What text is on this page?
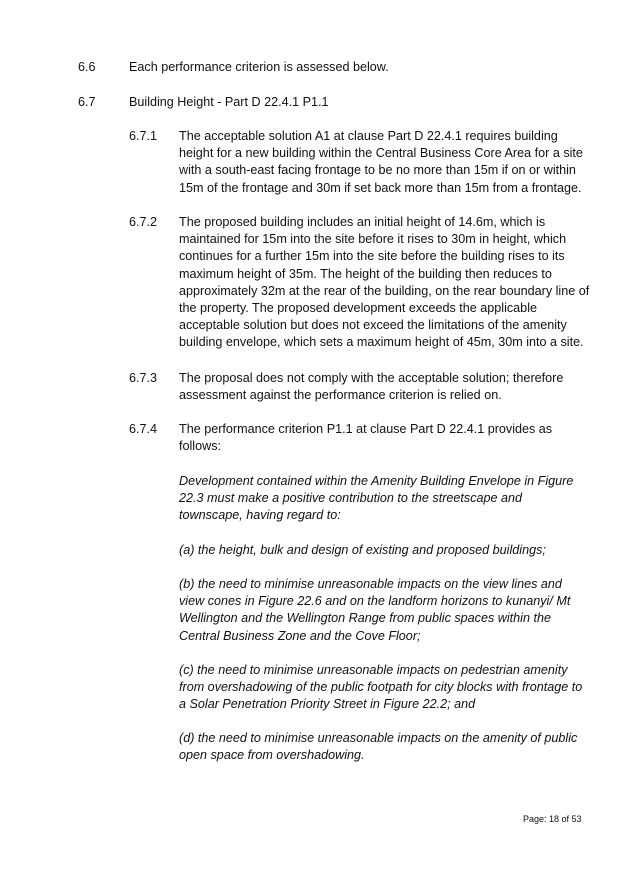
6.6	Each performance criterion is assessed below.
6.7	Building Height - Part D 22.4.1 P1.1
6.7.1 The acceptable solution A1 at clause Part D 22.4.1 requires building
height for a new building within the Central Business Core Area for a site
with a south-east facing frontage to be no more than 15m if on or within
15m of the frontage and 30m if set back more than 15m from a frontage.
6.7.2 The proposed building includes an initial height of 14.6m, which is
maintained for 15m into the site before it rises to 30m in height, which
continues for a further 15m into the site before the building rises to its
maximum height of 35m. The height of the building then reduces to
approximately 32m at the rear of the building, on the rear boundary line of
the property. The proposed development exceeds the applicable
acceptable solution but does not exceed the limitations of the amenity
building envelope, which sets a maximum height of 45m, 30m into a site.
6.7.3 The proposal does not comply with the acceptable solution; therefore
assessment against the performance criterion is relied on.
6.7.4 The performance criterion P1.1 at clause Part D 22.4.1 provides as
follows:
Development contained within the Amenity Building Envelope in Figure
22.3 must make a positive contribution to the streetscape and
townscape, having regard to:
(a) the height, bulk and design of existing and proposed buildings;
(b) the need to minimise unreasonable impacts on the view lines and
view cones in Figure 22.6 and on the landform horizons to kunanyi/ Mt
Wellington and the Wellington Range from public spaces within the
Central Business Zone and the Cove Floor;
(c) the need to minimise unreasonable impacts on pedestrian amenity
from overshadowing of the public footpath for city blocks with frontage to
a Solar Penetration Priority Street in Figure 22.2; and
(d) the need to minimise unreasonable impacts on the amenity of public
open space from overshadowing.
Page: 18 of 53
